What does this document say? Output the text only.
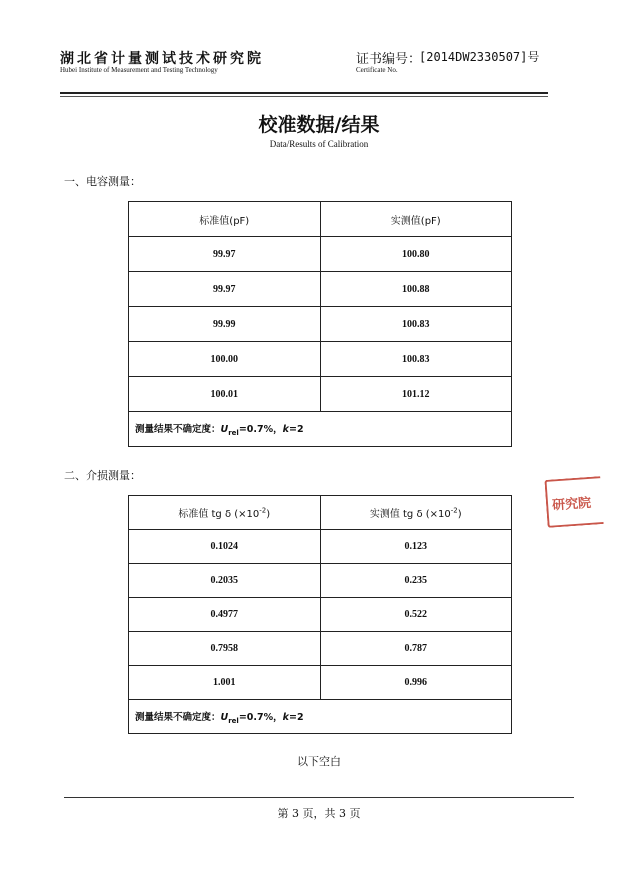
湖北省计量测试技术研究院
Hubei Institute of Measurement and Testing Technology
证书编号：
Certificate No.
[2014DW2330507]号
校准数据/结果
Data/Results of Calibration
一、电容测量：
标准值(pF)	实测值(pF)
99.97	100.80
99.97	100.88
99.99	100.83
100.00	100.83
100.01	101.12
测量结果不确定度：$U_{rel}=0.7\%$，k=2	
二、介损测量：
标准值 tg δ $(\times 10^{-2})$	实测值 tg δ $(\times 10^{-2})$
0.1024	0.123
0.2035	0.235
0.4977	0.522
0.7958	0.787
1.001	0.996
测量结果不确定度：$U_{rel}=0.7\%$，k=2	
研究院
以下空白
第 3 页，共 3 页
